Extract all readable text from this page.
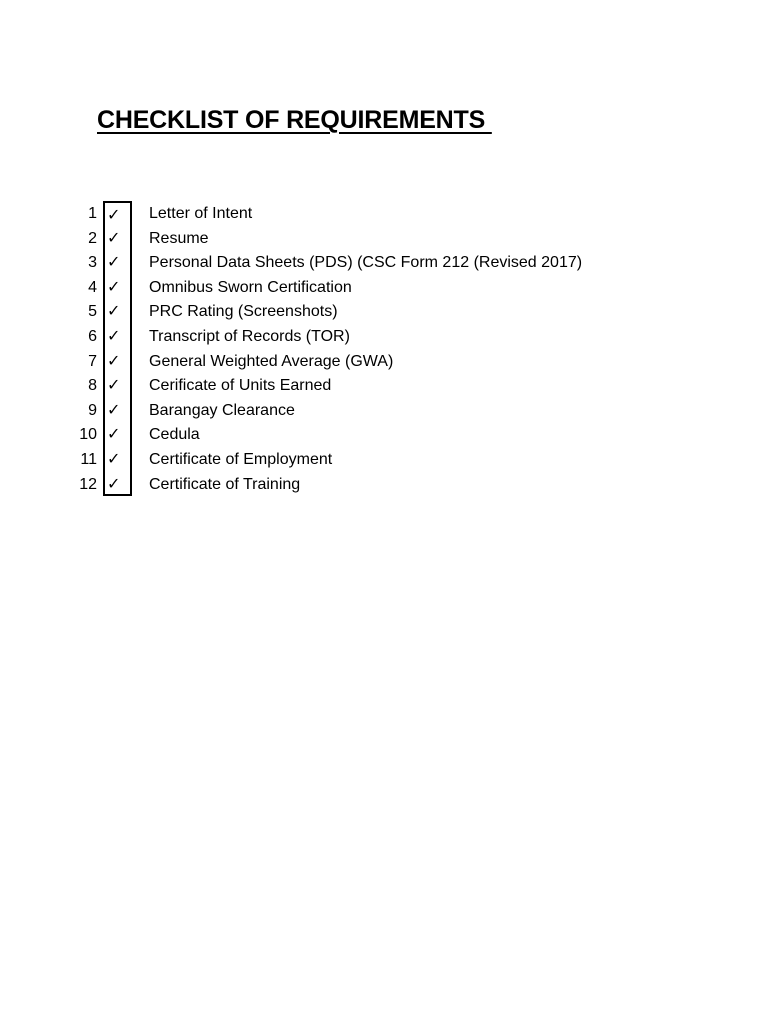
CHECKLIST OF REQUIREMENTS
1 ✓ Letter of Intent
2 ✓ Resume
3 ✓ Personal Data Sheets (PDS) (CSC Form 212 (Revised 2017)
4 ✓ Omnibus Sworn Certification
5 ✓ PRC Rating (Screenshots)
6 ✓ Transcript of Records (TOR)
7 ✓ General Weighted Average (GWA)
8 ✓ Cerificate of Units Earned
9 ✓ Barangay Clearance
10 ✓ Cedula
11 ✓ Certificate of Employment
12 ✓ Certificate of Training
